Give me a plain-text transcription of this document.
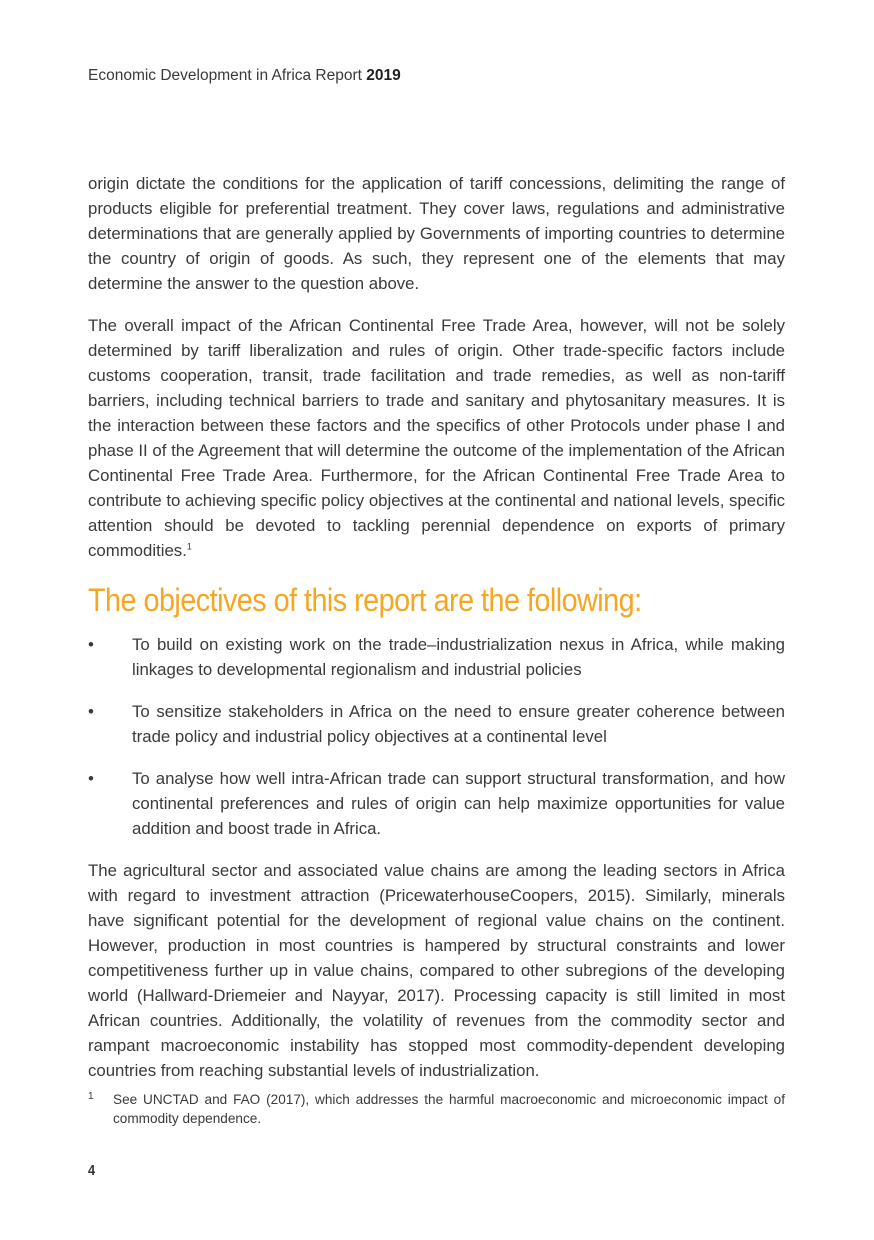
Economic Development in Africa Report 2019

origin dictate the conditions for the application of tariff concessions, delimiting the range of products eligible for preferential treatment. They cover laws, regulations and administrative determinations that are generally applied by Governments of importing countries to determine the country of origin of goods. As such, they represent one of the elements that may determine the answer to the question above.

The overall impact of the African Continental Free Trade Area, however, will not be solely determined by tariff liberalization and rules of origin. Other trade-specific factors include customs cooperation, transit, trade facilitation and trade remedies, as well as non-tariff barriers, including technical barriers to trade and sanitary and phytosanitary measures. It is the interaction between these factors and the specifics of other Protocols under phase I and phase II of the Agreement that will determine the outcome of the implementation of the African Continental Free Trade Area. Furthermore, for the African Continental Free Trade Area to contribute to achieving specific policy objectives at the continental and national levels, specific attention should be devoted to tackling perennial dependence on exports of primary commodities.$^1$

The objectives of this report are the following:
•	To build on existing work on the trade–industrialization nexus in Africa, while making linkages to developmental regionalism and industrial policies
•	To sensitize stakeholders in Africa on the need to ensure greater coherence between trade policy and industrial policy objectives at a continental level
•	To analyse how well intra-African trade can support structural transformation, and how continental preferences and rules of origin can help maximize opportunities for value addition and boost trade in Africa.

The agricultural sector and associated value chains are among the leading sectors in Africa with regard to investment attraction (PricewaterhouseCoopers, 2015). Similarly, minerals have significant potential for the development of regional value chains on the continent. However, production in most countries is hampered by structural constraints and lower competitiveness further up in value chains, compared to other subregions of the developing world (Hallward-Driemeier and Nayyar, 2017). Processing capacity is still limited in most African countries. Additionally, the volatility of revenues from the commodity sector and rampant macroeconomic instability has stopped most commodity-dependent developing countries from reaching substantial levels of industrialization.

1	See UNCTAD and FAO (2017), which addresses the harmful macroeconomic and microeconomic impact of commodity dependence.
4
